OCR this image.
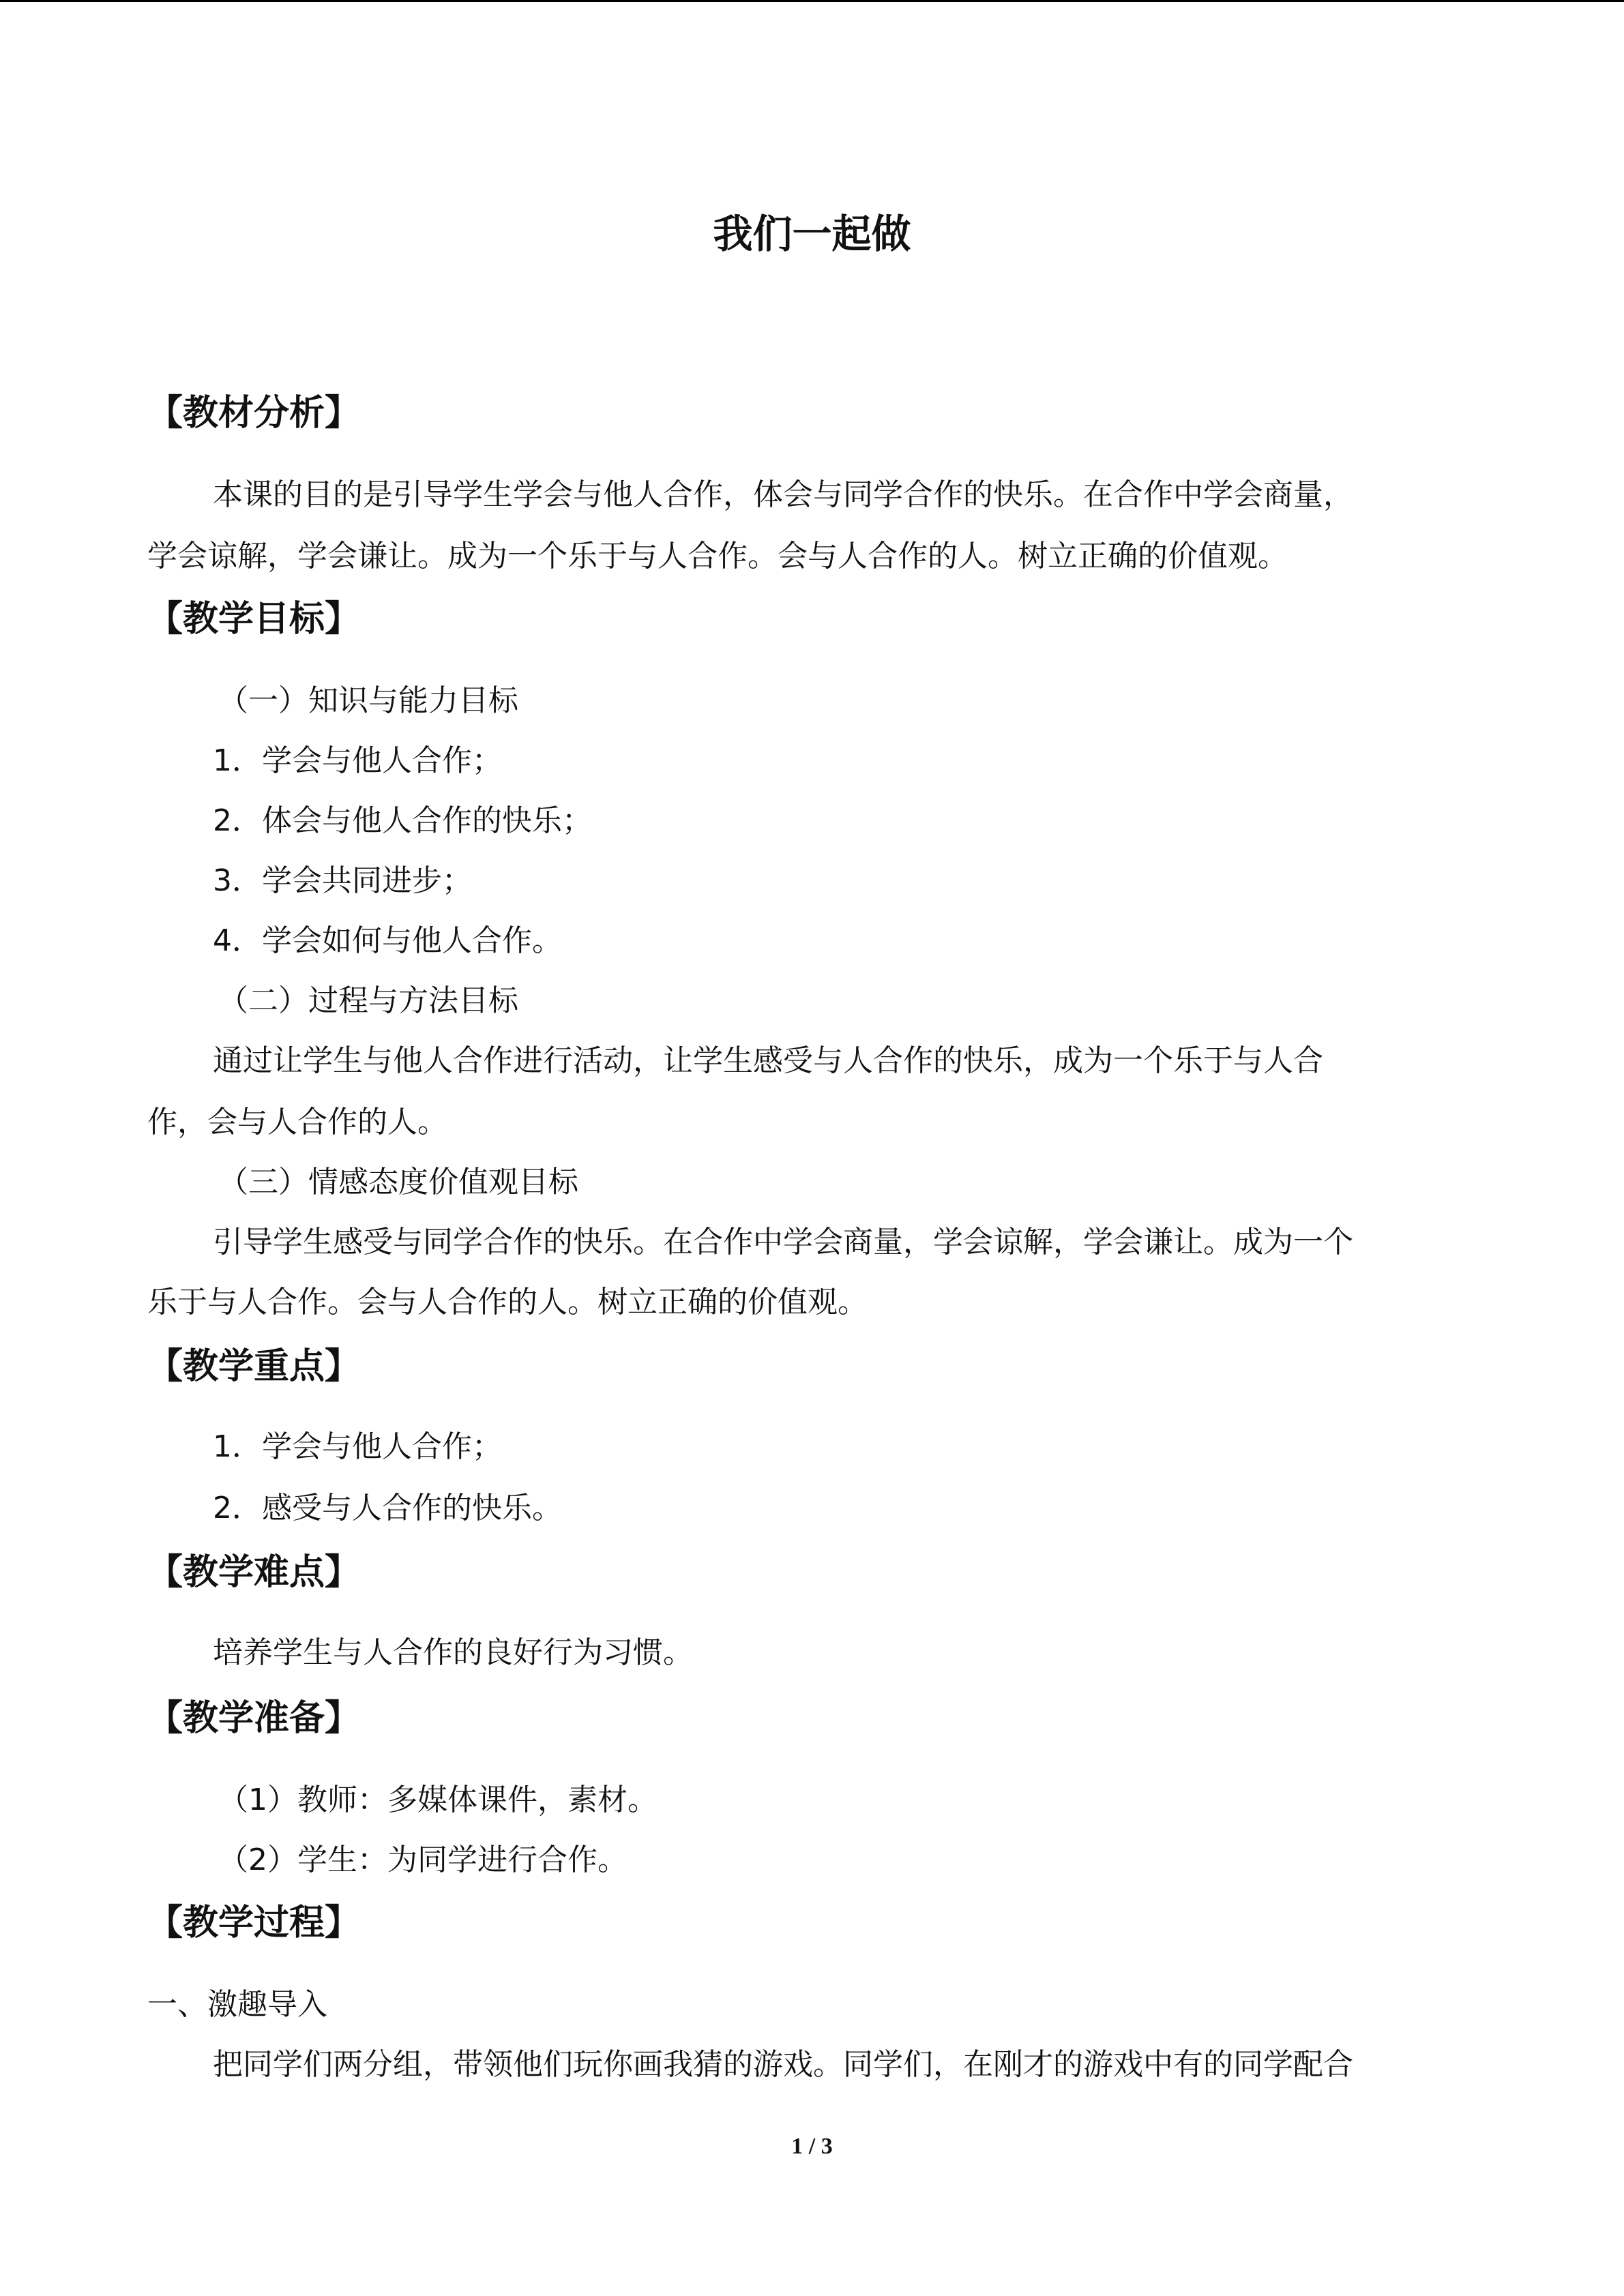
我们一起做
【教材分析】
本课的目的是引导学生学会与他人合作，体会与同学合作的快乐。在合作中学会商量，
学会谅解，学会谦让。成为一个乐于与人合作。会与人合作的人。树立正确的价值观。
【教学目标】
（一）知识与能力目标
1．学会与他人合作；
2．体会与他人合作的快乐；
3．学会共同进步；
4．学会如何与他人合作。
（二）过程与方法目标
通过让学生与他人合作进行活动，让学生感受与人合作的快乐，成为一个乐于与人合
作，会与人合作的人。
（三）情感态度价值观目标
引导学生感受与同学合作的快乐。在合作中学会商量，学会谅解，学会谦让。成为一个
乐于与人合作。会与人合作的人。树立正确的价值观。
【教学重点】
1．学会与他人合作；
2．感受与人合作的快乐。
【教学难点】
培养学生与人合作的良好行为习惯。
【教学准备】
（1）教师：多媒体课件，素材。
（2）学生：为同学进行合作。
【教学过程】
一、激趣导入
把同学们两分组，带领他们玩你画我猜的游戏。同学们，在刚才的游戏中有的同学配合
1 / 3
